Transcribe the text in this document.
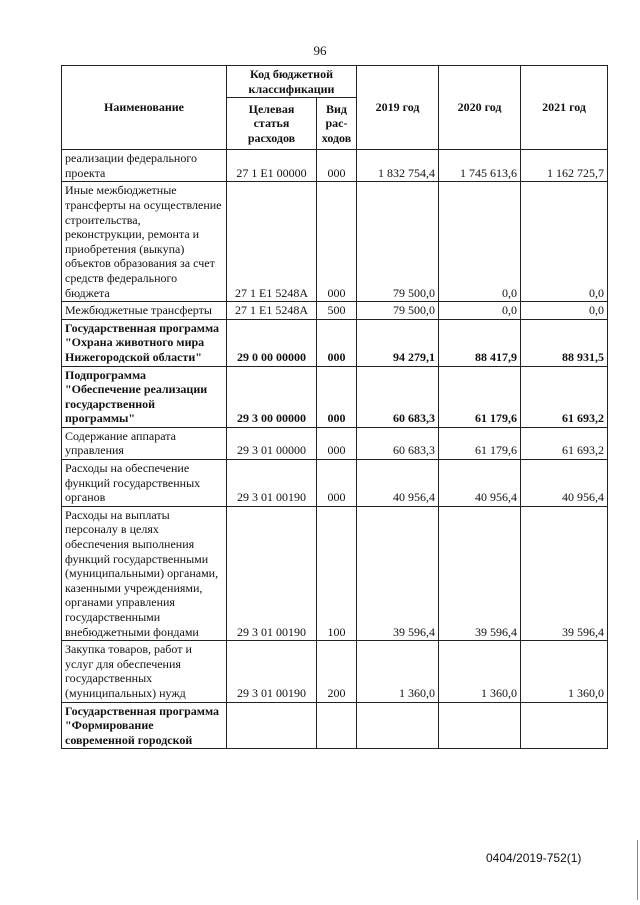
96
Наименование	Код бюджетной классификации		2019 год	2020 год	2021 год
	Целевая статья расходов	Вид рас-ходов			
реализации федерального проекта	27 1 E1 00000	000	1 832 754,4	1 745 613,6	1 162 725,7
Иные межбюджетные трансферты на осуществление строительства, реконструкции, ремонта и приобретения (выкупа) объектов образования за счет средств федерального бюджета	27 1 E1 5248A	000	79 500,0	0,0	0,0
Межбюджетные трансферты	27 1 E1 5248A	500	79 500,0	0,0	0,0
Государственная программа "Охрана животного мира Нижегородской области"	29 0 00 00000	000	94 279,1	88 417,9	88 931,5
Подпрограмма "Обеспечение реализации государственной программы"	29 3 00 00000	000	60 683,3	61 179,6	61 693,2
Содержание аппарата управления	29 3 01 00000	000	60 683,3	61 179,6	61 693,2
Расходы на обеспечение функций государственных органов	29 3 01 00190	000	40 956,4	40 956,4	40 956,4
Расходы на выплаты персоналу в целях обеспечения выполнения функций государственными (муниципальными) органами, казенными учреждениями, органами управления государственными внебюджетными фондами	29 3 01 00190	100	39 596,4	39 596,4	39 596,4
Закупка товаров, работ и услуг для обеспечения государственных (муниципальных) нужд	29 3 01 00190	200	1 360,0	1 360,0	1 360,0
Государственная программа "Формирование современной городской					
0404/2019-752(1)
